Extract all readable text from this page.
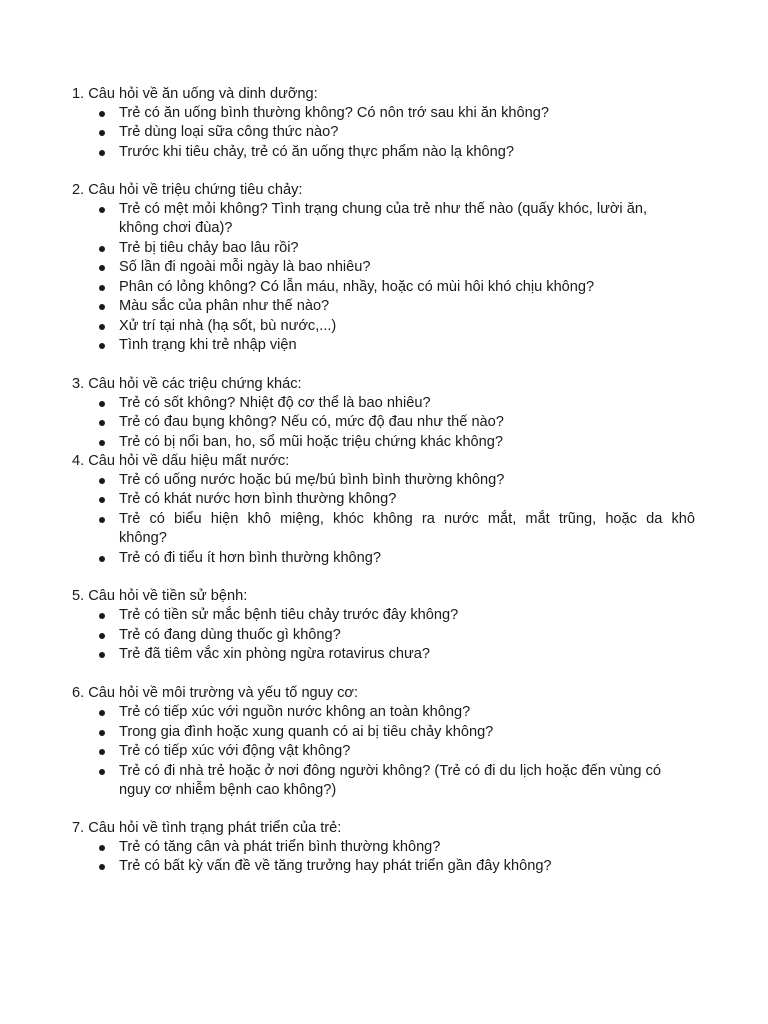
1. Câu hỏi về ăn uống và dinh dưỡng:
Trẻ có ăn uống bình thường không? Có nôn trớ sau khi ăn không?
Trẻ dùng loại sữa công thức nào?
Trước khi tiêu chảy, trẻ có ăn uống thực phẩm nào lạ không?
2. Câu hỏi về triệu chứng tiêu chảy:
Trẻ có mệt mỏi không? Tình trạng chung của trẻ như thế nào (quấy khóc, lười ăn,
không chơi đùa)?
Trẻ bị tiêu chảy bao lâu rồi?
Số lần đi ngoài mỗi ngày là bao nhiêu?
Phân có lỏng không? Có lẫn máu, nhầy, hoặc có mùi hôi khó chịu không?
Màu sắc của phân như thế nào?
Xử trí tại nhà (hạ sốt, bù nước,...)
Tình trạng khi trẻ nhập viện
3. Câu hỏi về các triệu chứng khác:
Trẻ có sốt không? Nhiệt độ cơ thể là bao nhiêu?
Trẻ có đau bụng không? Nếu có, mức độ đau như thế nào?
Trẻ có bị nổi ban, ho, sổ mũi hoặc triệu chứng khác không?
4. Câu hỏi về dấu hiệu mất nước:
Trẻ có uống nước hoặc bú mẹ/bú bình bình thường không?
Trẻ có khát nước hơn bình thường không?
Trẻ có biểu hiện khô miệng, khóc không ra nước mắt, mắt trũng, hoặc da khô
không?
Trẻ có đi tiểu ít hơn bình thường không?
5. Câu hỏi về tiền sử bệnh:
Trẻ có tiền sử mắc bệnh tiêu chảy trước đây không?
Trẻ có đang dùng thuốc gì không?
Trẻ đã tiêm vắc xin phòng ngừa rotavirus chưa?
6. Câu hỏi về môi trường và yếu tố nguy cơ:
Trẻ có tiếp xúc với nguồn nước không an toàn không?
Trong gia đình hoặc xung quanh có ai bị tiêu chảy không?
Trẻ có tiếp xúc với động vật không?
Trẻ có đi nhà trẻ hoặc ở nơi đông người không? (Trẻ có đi du lịch hoặc đến vùng có
nguy cơ nhiễm bệnh cao không?)
7. Câu hỏi về tình trạng phát triển của trẻ:
Trẻ có tăng cân và phát triển bình thường không?
Trẻ có bất kỳ vấn đề về tăng trưởng hay phát triển gần đây không?
